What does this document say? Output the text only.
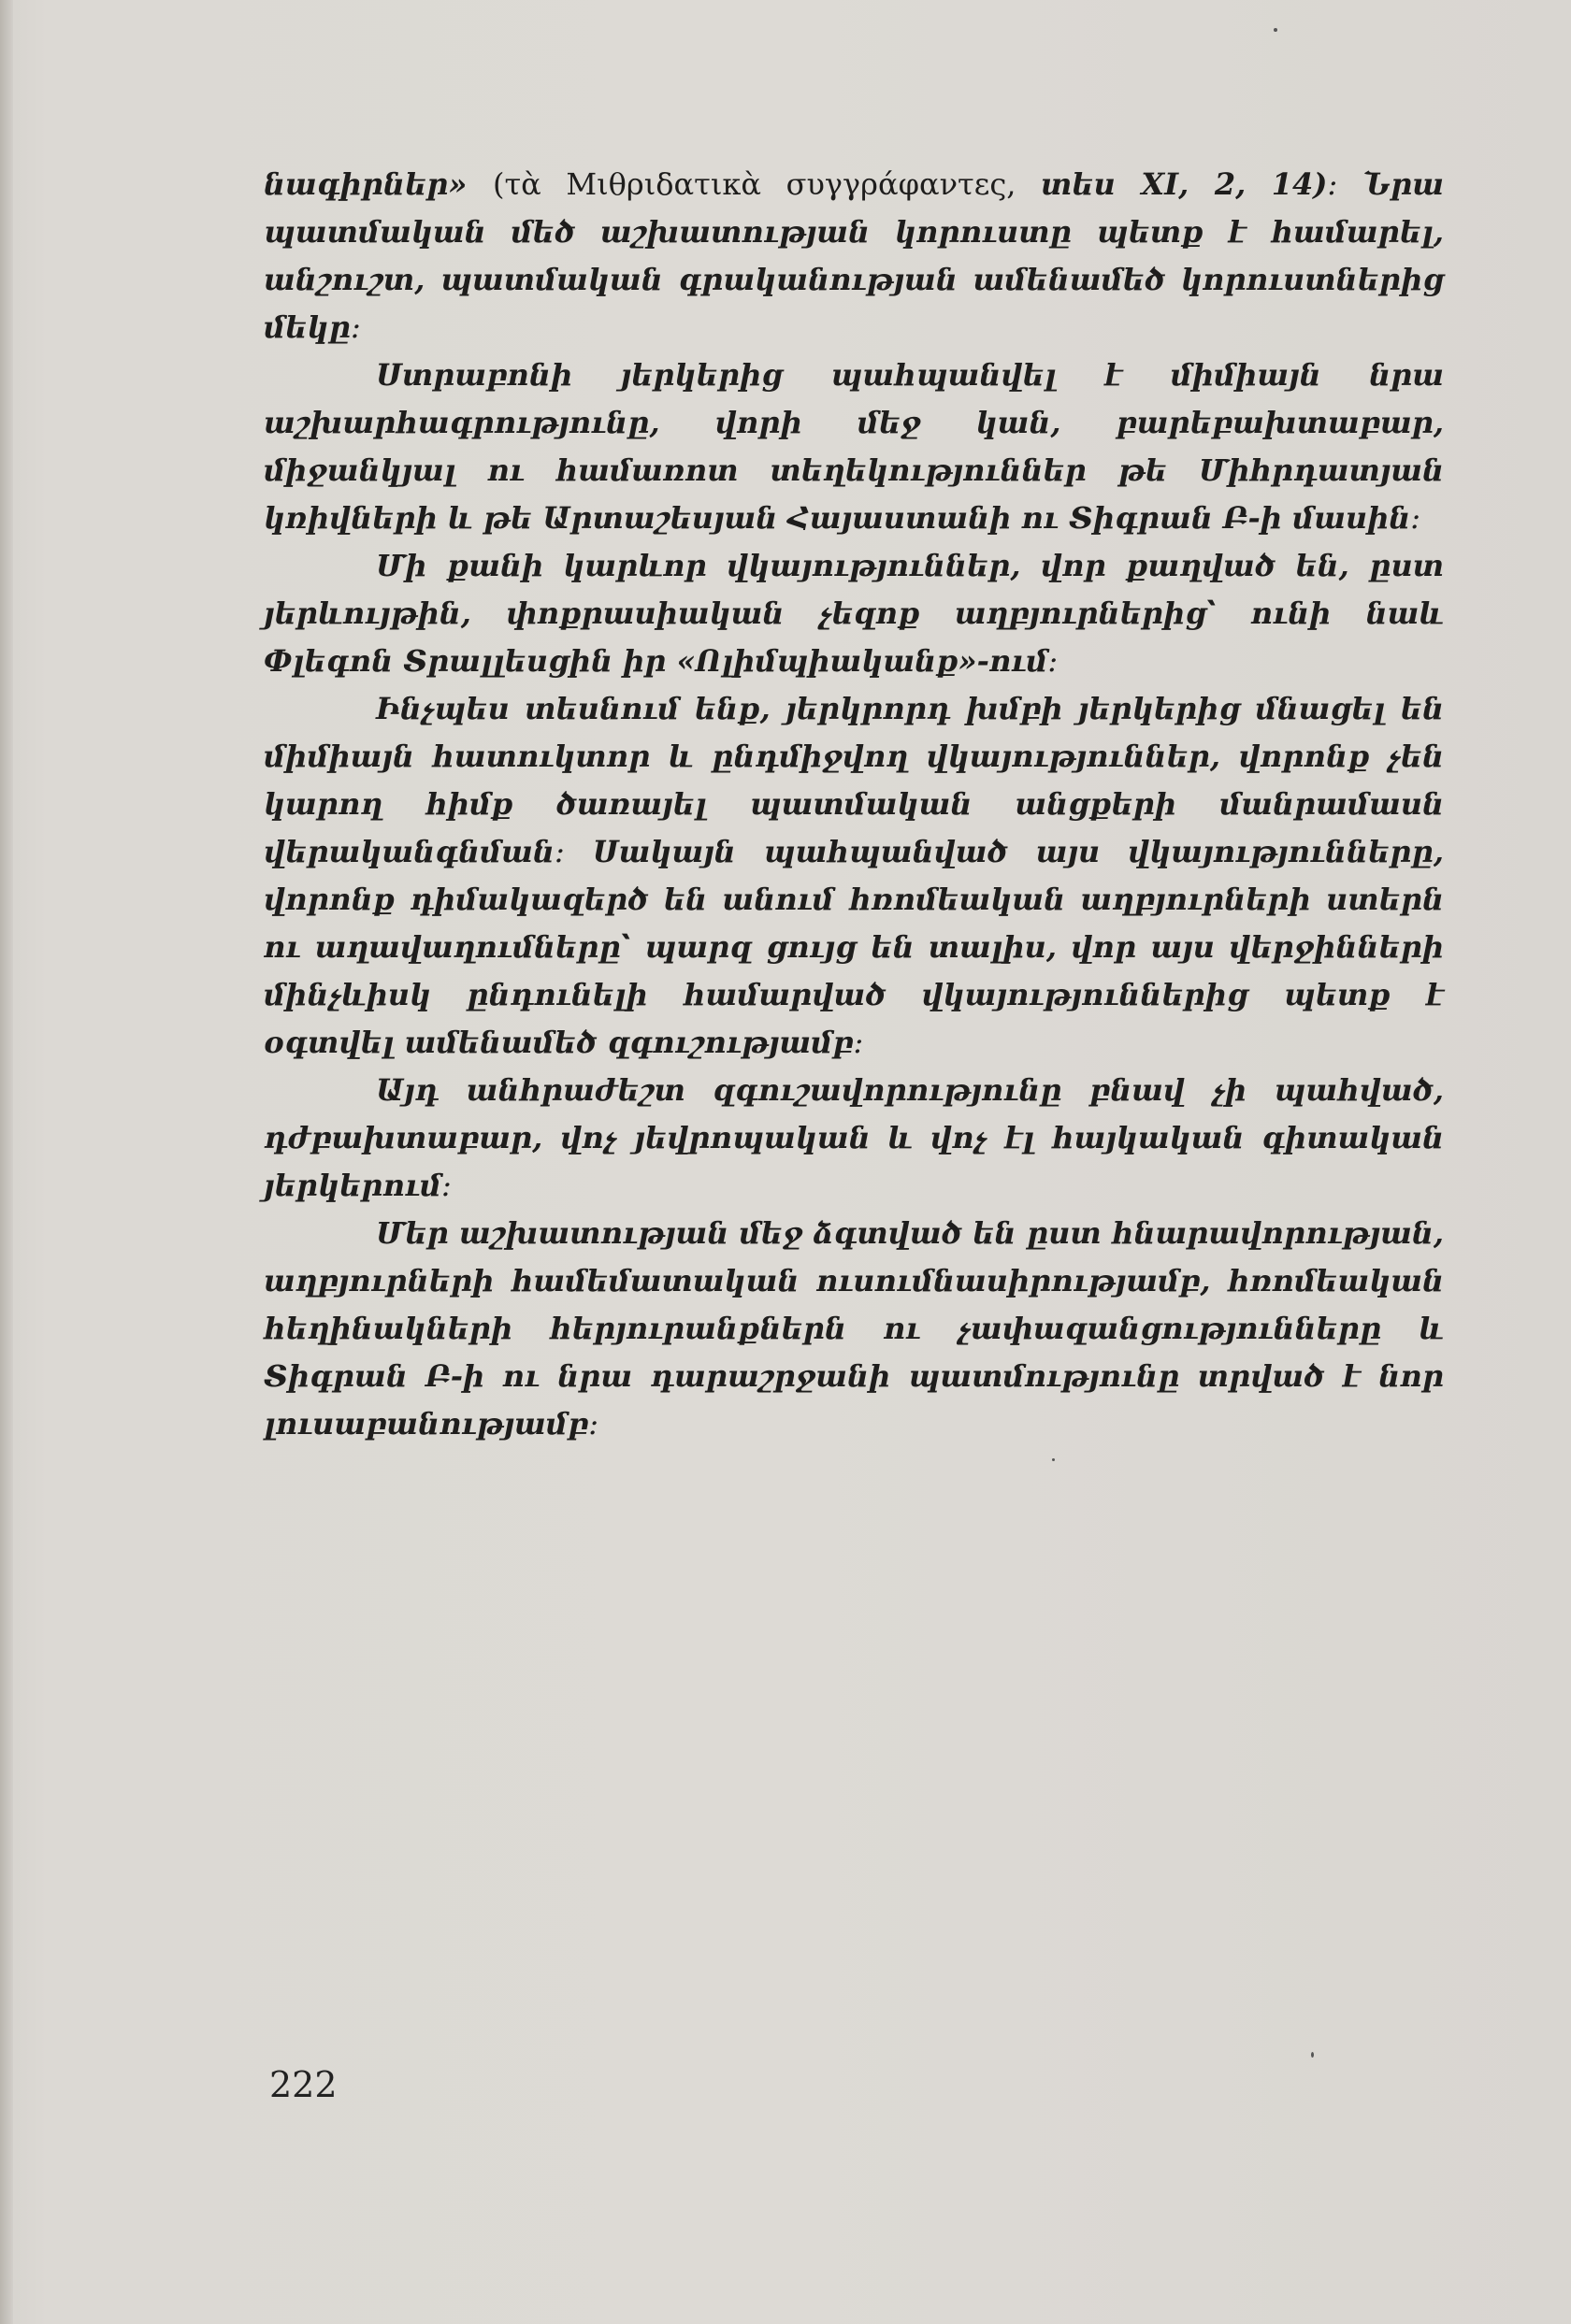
նագիրներ» (τὰ Μιθριδατικὰ συγγράφαντες, տես XI, 2, 14)։ Նրա պատմական մեծ աշխատության կորուստը պետք է համարել, անշուշտ, պատմական գրականության ամենամեծ կորուստներից մեկը։

Ստրաբոնի յերկերից պահպանվել է միմիայն նրա աշխարհագրությունը, վորի մեջ կան, բարեբախտաբար, միջանկյալ ու համառոտ տեղեկություններ թե Միհրդատյան կռիվների և թե Արտաշեսյան Հայաստանի ու Տիգրան Բ-ի մասին։

Մի քանի կարևոր վկայություններ, վոր քաղված են, ըստ յերևույթին, փոքրասիական չեզոք աղբյուրներից՝ ունի նաև Փլեգոն Տրալլեսցին իր «Ոլիմպիականք»-ում։

Ինչպես տեսնում ենք, յերկրորդ խմբի յերկերից մնացել են միմիայն հատուկտոր և ընդմիջվող վկայություններ, վորոնք չեն կարող հիմք ծառայել պատմական անցքերի մանրամասն վերականգնման։ Սակայն պահպանված այս վկայությունները, վորոնք դիմակազերծ են անում հռոմեական աղբյուրների ստերն ու աղավաղումները՝ պարզ ցույց են տալիս, վոր այս վերջինների մինչևիսկ ընդունելի համարված վկայություններից պետք է օգտվել ամենամեծ զգուշությամբ։

Այդ անհրաժեշտ զգուշավորությունը բնավ չի պահված, դժբախտաբար, վոչ յեվրոպական և վոչ էլ հայկական գիտական յերկերում։

Մեր աշխատության մեջ ձգտված են ըստ հնարավորության, աղբյուրների համեմատական ուսումնասիրությամբ, հռոմեական հեղինակների հերյուրանքներն ու չափազանցությունները և Տիգրան Բ-ի ու նրա դարաշրջանի պատմությունը տրված է նոր լուսաբանությամբ։

222
